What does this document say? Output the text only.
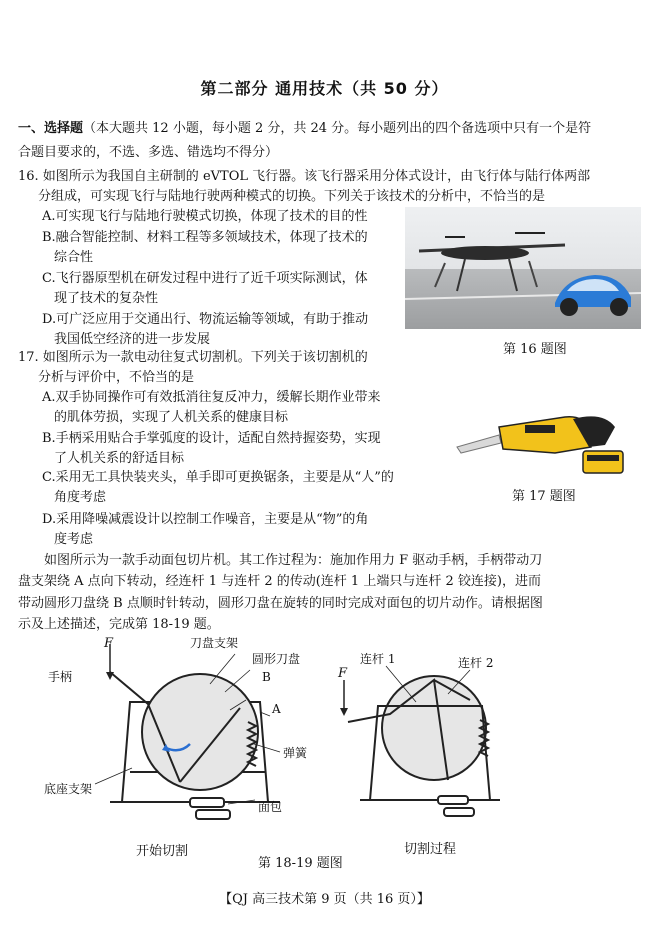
第二部分 通用技术（共 50 分）
一、选择题（本大题共 12 小题，每小题 2 分，共 24 分。每小题列出的四个备选项中只有一个是符
合题目要求的，不选、多选、错选均不得分）
16. 如图所示为我国自主研制的 eVTOL 飞行器。该飞行器采用分体式设计，由飞行体与陆行体两部
分组成，可实现飞行与陆地行驶两种模式的切换。下列关于该技术的分析中，不恰当的是
A.可实现飞行与陆地行驶模式切换，体现了技术的目的性
B.融合智能控制、材料工程等多领域技术，体现了技术的
综合性
C.飞行器原型机在研发过程中进行了近千项实际测试，体
现了技术的复杂性
D.可广泛应用于交通出行、物流运输等领域，有助于推动
我国低空经济的进一步发展
第 16 题图
17. 如图所示为一款电动往复式切割机。下列关于该切割机的
分析与评价中，不恰当的是
A.双手协同操作可有效抵消往复反冲力，缓解长期作业带来
的肌体劳损，实现了人机关系的健康目标
B.手柄采用贴合手掌弧度的设计，适配自然持握姿势，实现
了人机关系的舒适目标
C.采用无工具快装夹头，单手即可更换锯条，主要是从“人”的
角度考虑
D.采用降噪减震设计以控制工作噪音，主要是从“物”的角
度考虑
第 17 题图
如图所示为一款手动面包切片机。其工作过程为：施加作用力 F 驱动手柄，手柄带动刀
盘支架绕 A 点向下转动，经连杆 1 与连杆 2 的传动(连杆 1 上端只与连杆 2 铰连接)，进而
带动圆形刀盘绕 B 点顺时针转动，圆形刀盘在旋转的同时完成对面包的切片动作。请根据图
示及上述描述，完成第 18-19 题。
F
手柄
刀盘支架
圆形刀盘
B
A
弹簧
底座支架
面包
连杆 1	连杆 2
F
开始切割	切割过程
第 18-19 题图
【QJ 高三技术第 9 页（共 16 页）】
